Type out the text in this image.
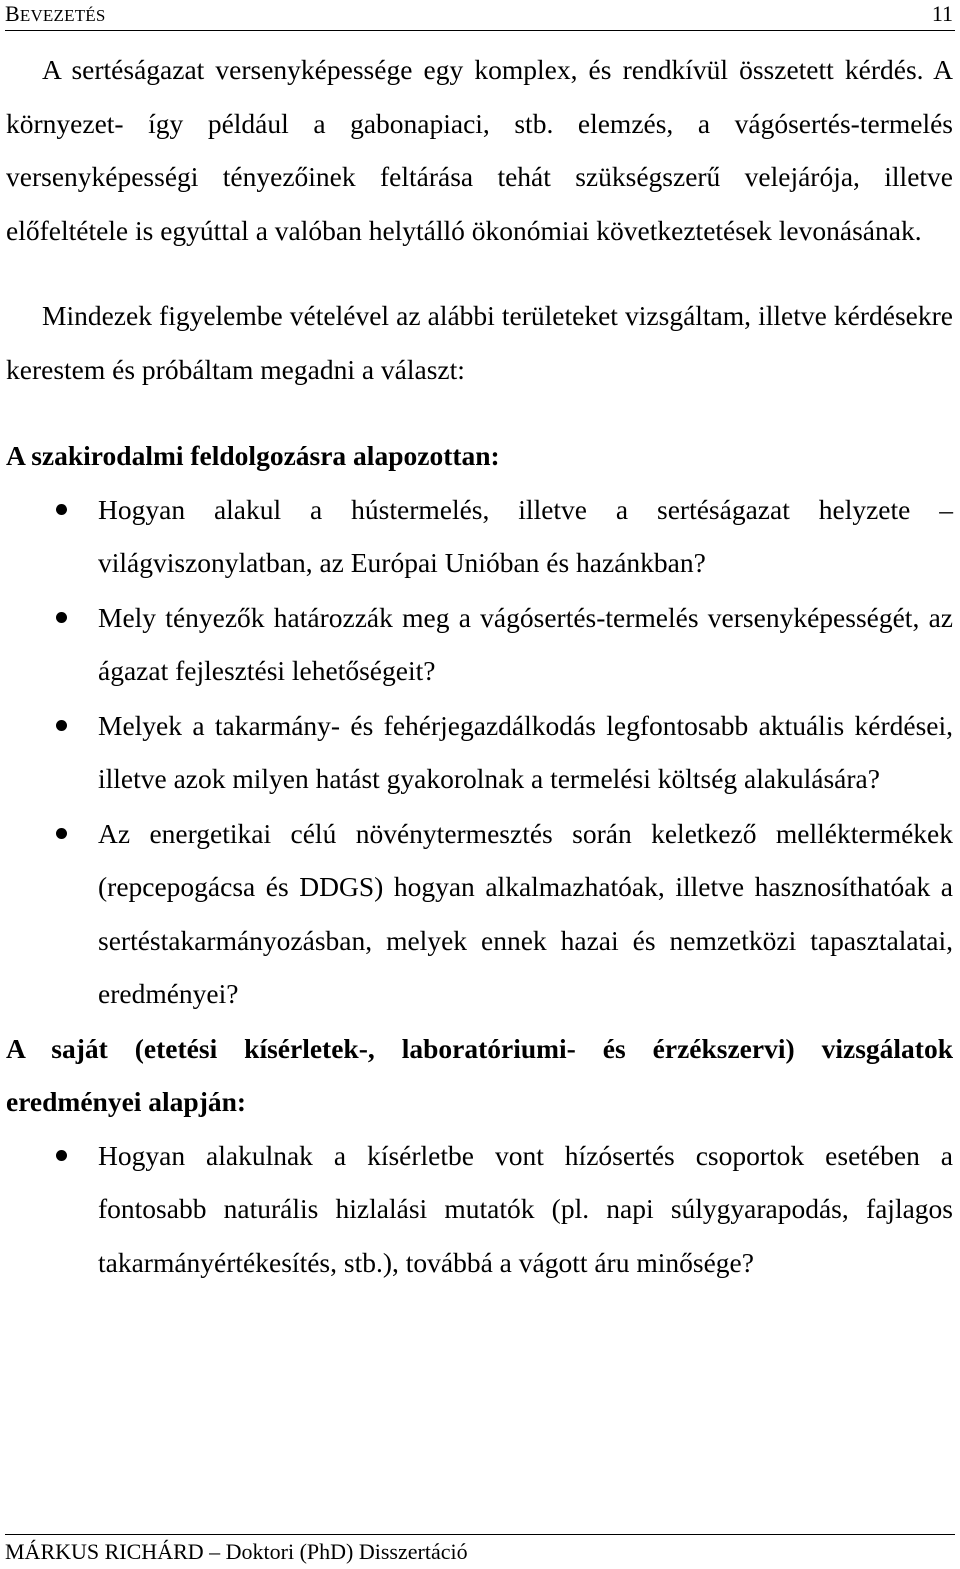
BEVEZETÉS	11

A sertéságazat versenyképessége egy komplex, és rendkívül összetett kérdés. A környezet- így például a gabonapiaci, stb. elemzés, a vágósertés-termelés versenyképességi tényezőinek feltárása tehát szükségszerű velejárója, illetve előfeltétele is egyúttal a valóban helytálló ökonómiai következtetések levonásának.

Mindezek figyelembe vételével az alábbi területeket vizsgáltam, illetve kérdésekre kerestem és próbáltam megadni a választ:

A szakirodalmi feldolgozásra alapozottan:
Hogyan alakul a hústermelés, illetve a sertéságazat helyzete – világviszonylatban, az Európai Unióban és hazánkban?
Mely tényezők határozzák meg a vágósertés-termelés versenyképességét, az ágazat fejlesztési lehetőségeit?
Melyek a takarmány- és fehérjegazdálkodás legfontosabb aktuális kérdései, illetve azok milyen hatást gyakorolnak a termelési költség alakulására?
Az energetikai célú növénytermesztés során keletkező melléktermékek (repcepogácsa és DDGS) hogyan alkalmazhatóak, illetve hasznosíthatóak a sertéstakarmányozásban, melyek ennek hazai és nemzetközi tapasztalatai, eredményei?
A saját (etetési kísérletek-, laboratóriumi- és érzékszervi) vizsgálatok eredményei alapján:
Hogyan alakulnak a kísérletbe vont hízósertés csoportok esetében a fontosabb naturális hizlalási mutatók (pl. napi súlygyarapodás, fajlagos takarmányértékesítés, stb.), továbbá a vágott áru minősége?
MÁRKUS RICHÁRD – Doktori (PhD) Disszertáció
